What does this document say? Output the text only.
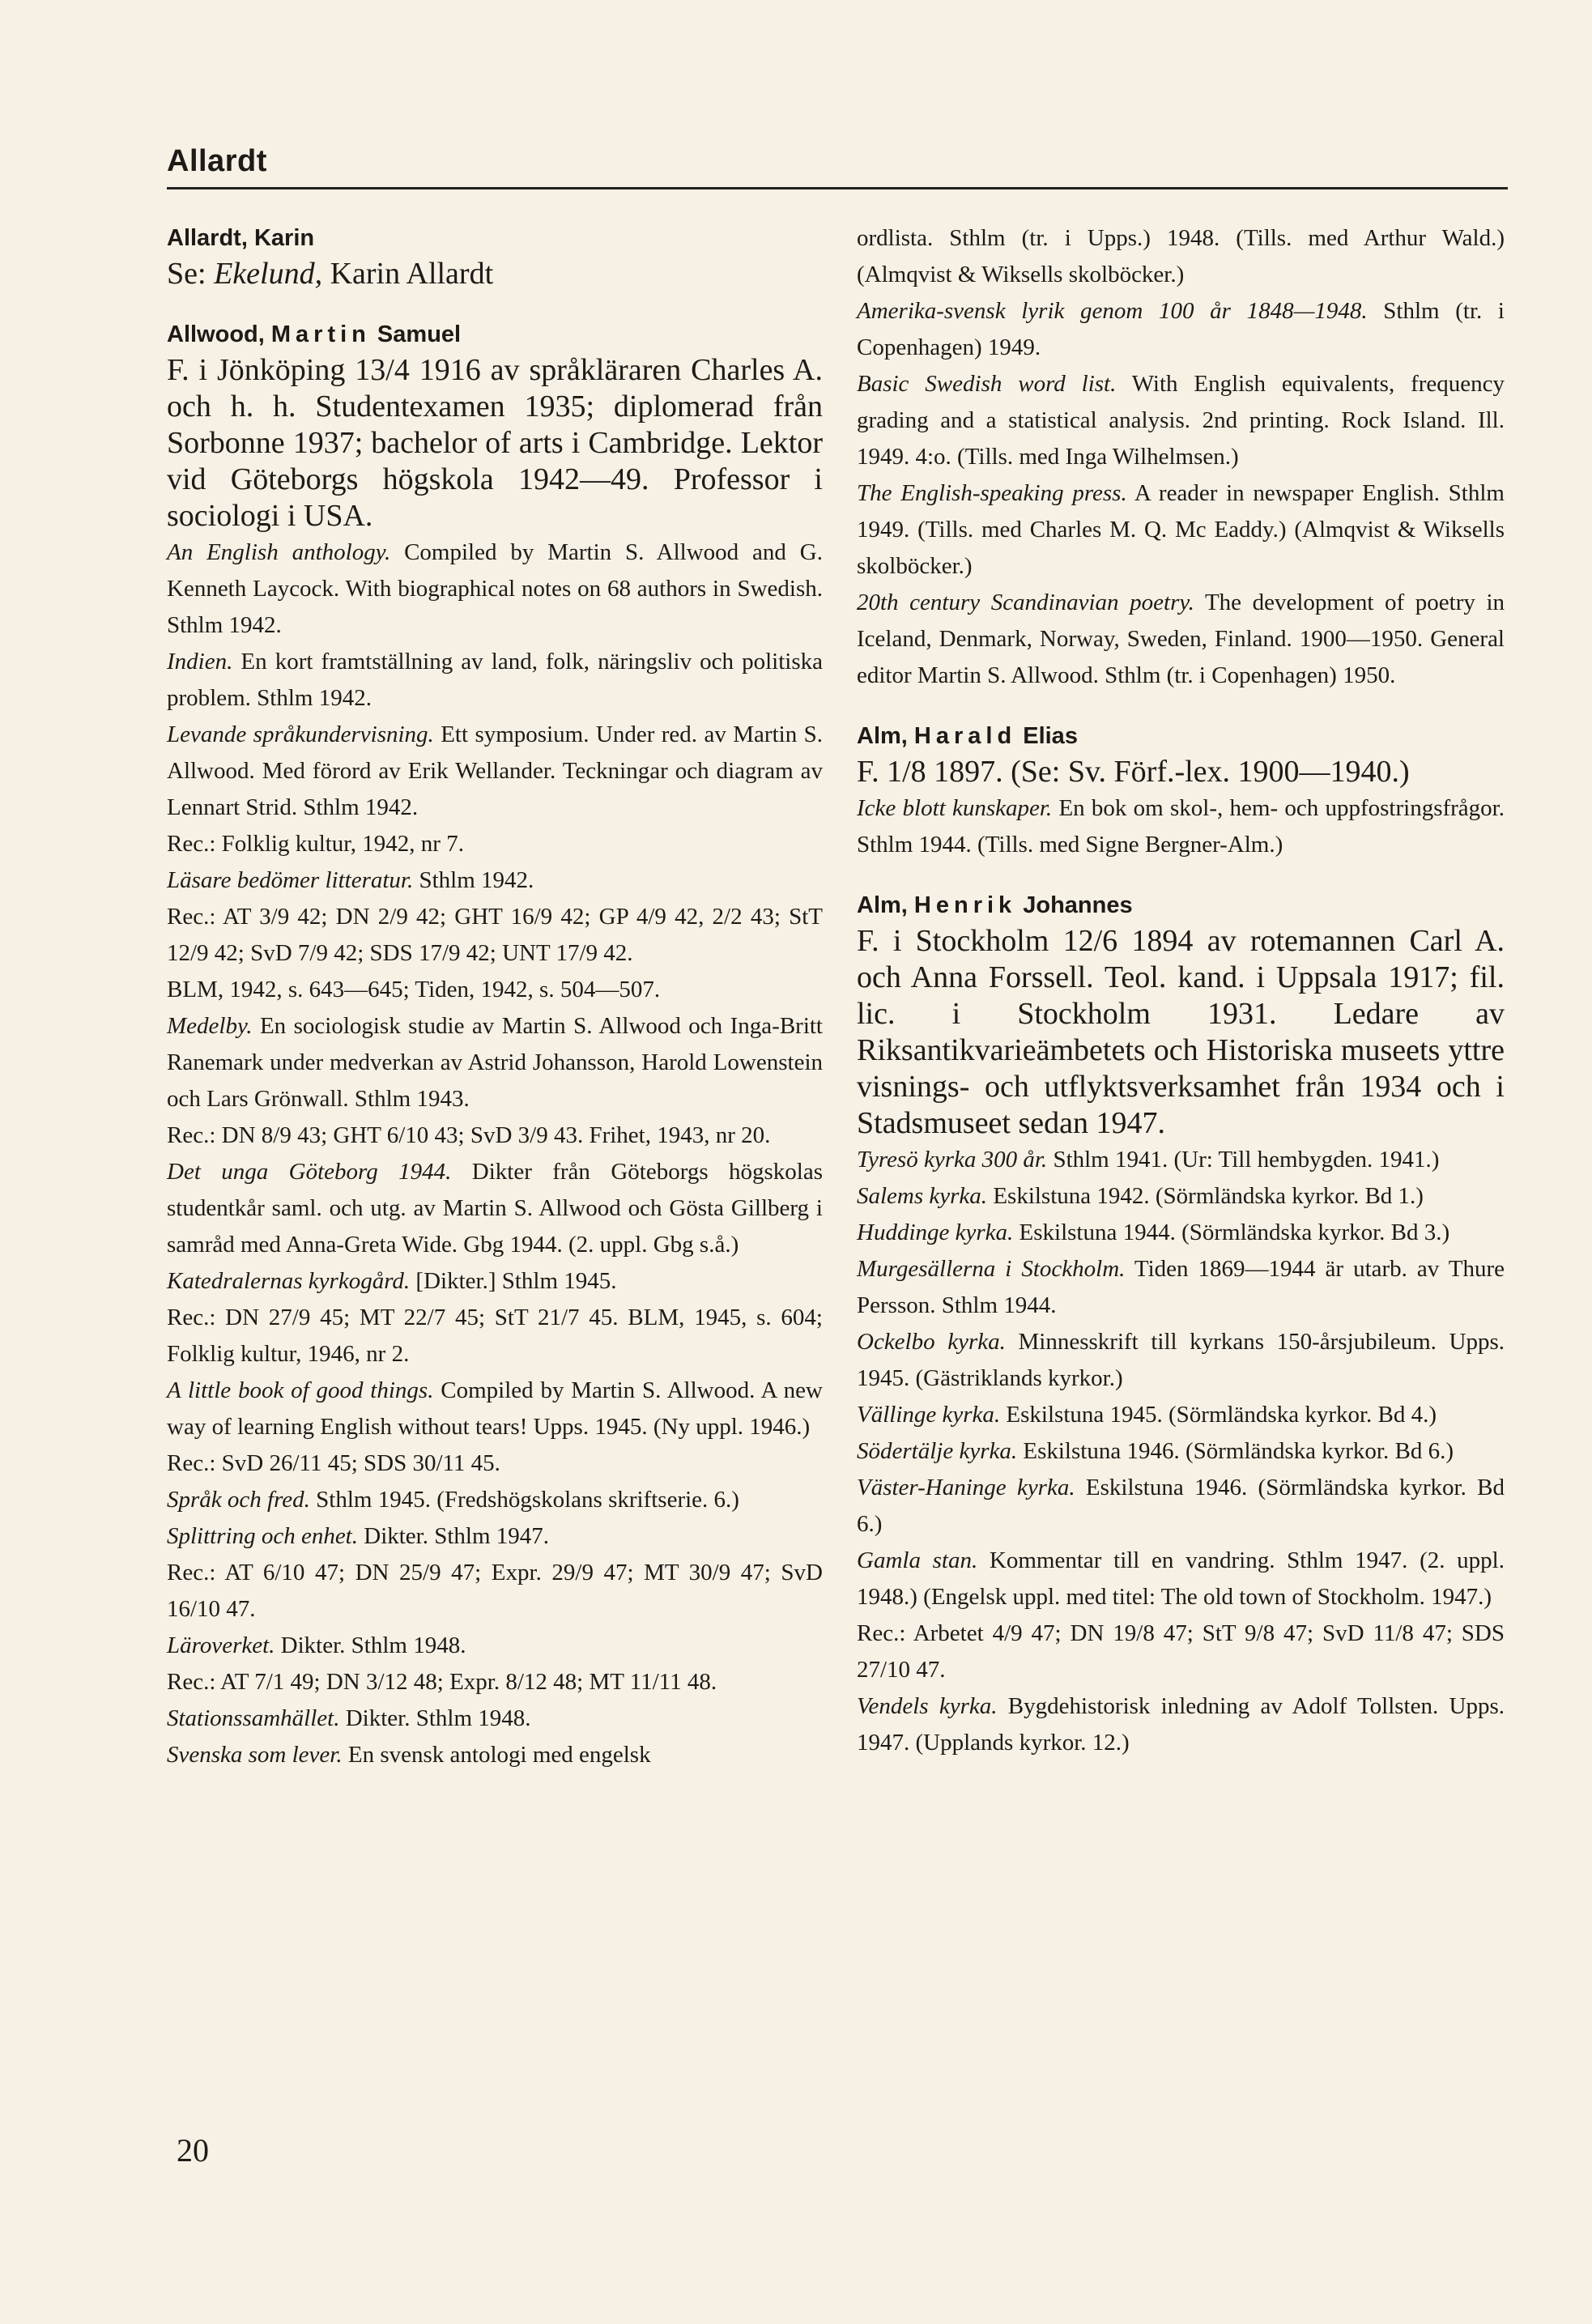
Allardt
Allardt, Karin
Se: Ekelund, Karin Allardt
Allwood, Martin Samuel
F. i Jönköping 13/4 1916 av språkläraren Charles A. och h. h. Studentexamen 1935; diplomerad från Sorbonne 1937; bachelor of arts i Cambridge. Lektor vid Göteborgs högskola 1942—49. Professor i sociologi i USA.
An English anthology. Compiled by Martin S. Allwood and G. Kenneth Laycock. With biographical notes on 68 authors in Swedish. Sthlm 1942.
Indien. En kort framtställning av land, folk, näringsliv och politiska problem. Sthlm 1942.
Levande språkundervisning. Ett symposium. Under red. av Martin S. Allwood. Med förord av Erik Wellander. Teckningar och diagram av Lennart Strid. Sthlm 1942.
Rec.: Folklig kultur, 1942, nr 7.
Läsare bedömer litteratur. Sthlm 1942.
Rec.: AT 3/9 42; DN 2/9 42; GHT 16/9 42; GP 4/9 42, 2/2 43; StT 12/9 42; SvD 7/9 42; SDS 17/9 42; UNT 17/9 42.
BLM, 1942, s. 643—645; Tiden, 1942, s. 504—507.
Medelby. En sociologisk studie av Martin S. Allwood och Inga-Britt Ranemark under medverkan av Astrid Johansson, Harold Lowenstein och Lars Grönwall. Sthlm 1943.
Rec.: DN 8/9 43; GHT 6/10 43; SvD 3/9 43. Frihet, 1943, nr 20.
Det unga Göteborg 1944. Dikter från Göteborgs högskolas studentkår saml. och utg. av Martin S. Allwood och Gösta Gillberg i samråd med Anna-Greta Wide. Gbg 1944. (2. uppl. Gbg s.å.)
Katedralernas kyrkogård. [Dikter.] Sthlm 1945.
Rec.: DN 27/9 45; MT 22/7 45; StT 21/7 45. BLM, 1945, s. 604; Folklig kultur, 1946, nr 2.
A little book of good things. Compiled by Martin S. Allwood. A new way of learning English without tears! Upps. 1945. (Ny uppl. 1946.)
Rec.: SvD 26/11 45; SDS 30/11 45.
Språk och fred. Sthlm 1945. (Fredshögskolans skriftserie. 6.)
Splittring och enhet. Dikter. Sthlm 1947.
Rec.: AT 6/10 47; DN 25/9 47; Expr. 29/9 47; MT 30/9 47; SvD 16/10 47.
Läroverket. Dikter. Sthlm 1948.
Rec.: AT 7/1 49; DN 3/12 48; Expr. 8/12 48; MT 11/11 48.
Stationssamhället. Dikter. Sthlm 1948.
Svenska som lever. En svensk antologi med engelsk
ordlista. Sthlm (tr. i Upps.) 1948. (Tills. med Arthur Wald.) (Almqvist & Wiksells skolböcker.)
Amerika-svensk lyrik genom 100 år 1848—1948. Sthlm (tr. i Copenhagen) 1949.
Basic Swedish word list. With English equivalents, frequency grading and a statistical analysis. 2nd printing. Rock Island. Ill. 1949. 4:o. (Tills. med Inga Wilhelmsen.)
The English-speaking press. A reader in newspaper English. Sthlm 1949. (Tills. med Charles M. Q. Mc Eaddy.) (Almqvist & Wiksells skolböcker.)
20th century Scandinavian poetry. The development of poetry in Iceland, Denmark, Norway, Sweden, Finland. 1900—1950. General editor Martin S. Allwood. Sthlm (tr. i Copenhagen) 1950.
Alm, Harald Elias
F. 1/8 1897. (Se: Sv. Förf.-lex. 1900—1940.)
Icke blott kunskaper. En bok om skol-, hem- och uppfostringsfrågor. Sthlm 1944. (Tills. med Signe Bergner-Alm.)
Alm, Henrik Johannes
F. i Stockholm 12/6 1894 av rotemannen Carl A. och Anna Forssell. Teol. kand. i Uppsala 1917; fil. lic. i Stockholm 1931. Ledare av Riksantikvarieämbetets och Historiska museets yttre visnings- och utflyktsverksamhet från 1934 och i Stadsmuseet sedan 1947.
Tyresö kyrka 300 år. Sthlm 1941. (Ur: Till hembygden. 1941.)
Salems kyrka. Eskilstuna 1942. (Sörmländska kyrkor. Bd 1.)
Huddinge kyrka. Eskilstuna 1944. (Sörmländska kyrkor. Bd 3.)
Murgesällerna i Stockholm. Tiden 1869—1944 är utarb. av Thure Persson. Sthlm 1944.
Ockelbo kyrka. Minnesskrift till kyrkans 150-årsjubileum. Upps. 1945. (Gästriklands kyrkor.)
Vällinge kyrka. Eskilstuna 1945. (Sörmländska kyrkor. Bd 4.)
Södertälje kyrka. Eskilstuna 1946. (Sörmländska kyrkor. Bd 6.)
Väster-Haninge kyrka. Eskilstuna 1946. (Sörmländska kyrkor. Bd 6.)
Gamla stan. Kommentar till en vandring. Sthlm 1947. (2. uppl. 1948.) (Engelsk uppl. med titel: The old town of Stockholm. 1947.)
Rec.: Arbetet 4/9 47; DN 19/8 47; StT 9/8 47; SvD 11/8 47; SDS 27/10 47.
Vendels kyrka. Bygdehistorisk inledning av Adolf Tollsten. Upps. 1947. (Upplands kyrkor. 12.)
20
